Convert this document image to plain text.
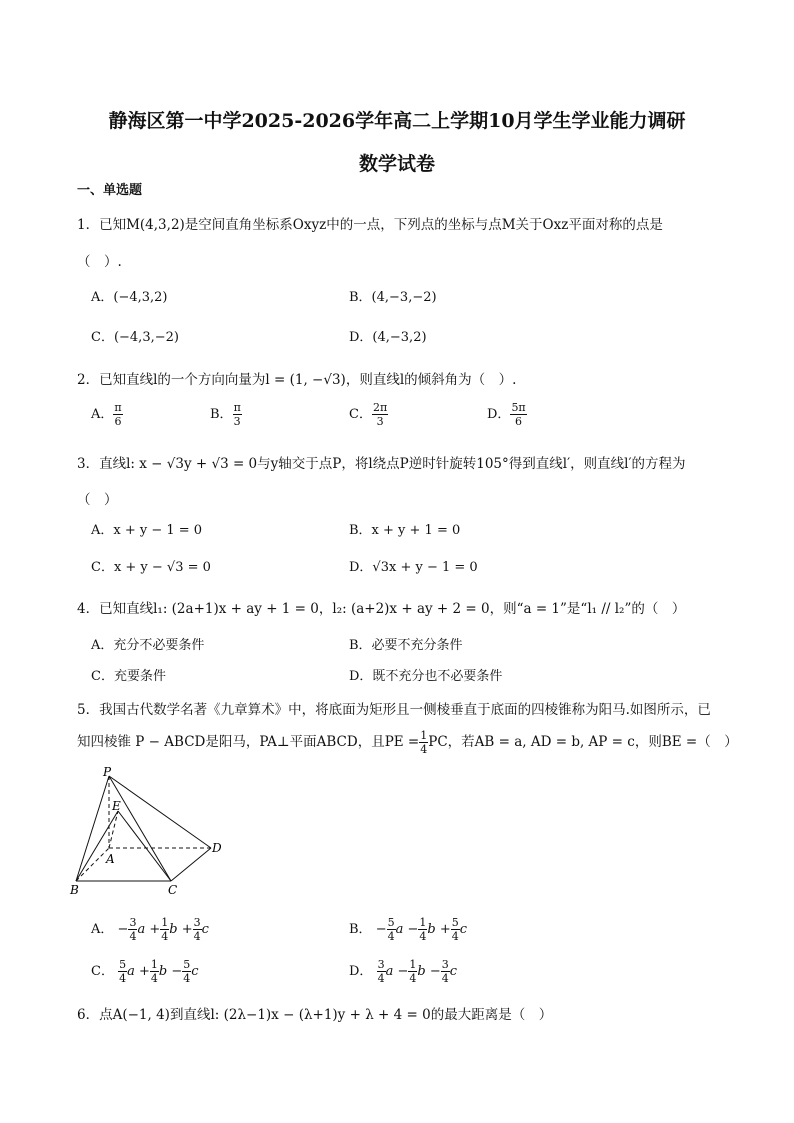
静海区第一中学2025-2026学年高二上学期10月学生学业能力调研
数学试卷
一、单选题
1．已知M(4,3,2)是空间直角坐标系Oxyz中的一点，下列点的坐标与点M关于Oxz平面对称的点是
（　）.
A．(−4,3,2)	B．(4,−3,−2)
C．(−4,3,−2)	D．(4,−3,2)
2．已知直线l的一个方向向量为l = (1, −√3)，则直线l的倾斜角为（　）.
A． $\frac{\pi}{6}$	B． $\frac{\pi}{3}$	C． $\frac{2\pi}{3}$	D． $\frac{5\pi}{6}$
3．直线l: x − √3y + √3 = 0与y轴交于点P，将l绕点P逆时针旋转105°得到直线l′，则直线l′的方程为
（　）
A．x + y − 1 = 0	B．x + y + 1 = 0
C．x + y − √3 = 0	D．√3x + y − 1 = 0
4．已知直线l₁: (2a+1)x + ay + 1 = 0，l₂: (a+2)x + ay + 2 = 0，则“a = 1”是“l₁ // l₂”的（　）
A．充分不必要条件	B．必要不充分条件
C．充要条件	D．既不充分也不必要条件
5．我国古代数学名著《九章算术》中，将底面为矩形且一侧棱垂直于底面的四棱锥称为阳马.如图所示，已
知四棱锥 P − ABCD是阳马，PA⊥平面ABCD，且PE = $\frac{1}{4}$ PC，若AB = a, AD = b, AP = c，则BE =（　）
P
E
A
B	C
D
A． − $\frac{3}{4}$ $a + \frac{1}{4}$ $b + \frac{3}{4}$ c	B． − $\frac{5}{4}$ $a - \frac{1}{4}$ $b + \frac{5}{4}$ c
C． $\frac{5}{4}$ $a + \frac{1}{4}$ $b - \frac{5}{4}$ c	D． $\frac{3}{4}$ $a - \frac{1}{4}$ $b - \frac{3}{4}$ c
6．点A(−1, 4)到直线l: (2λ−1)x − (λ+1)y + λ + 4 = 0的最大距离是（　）
